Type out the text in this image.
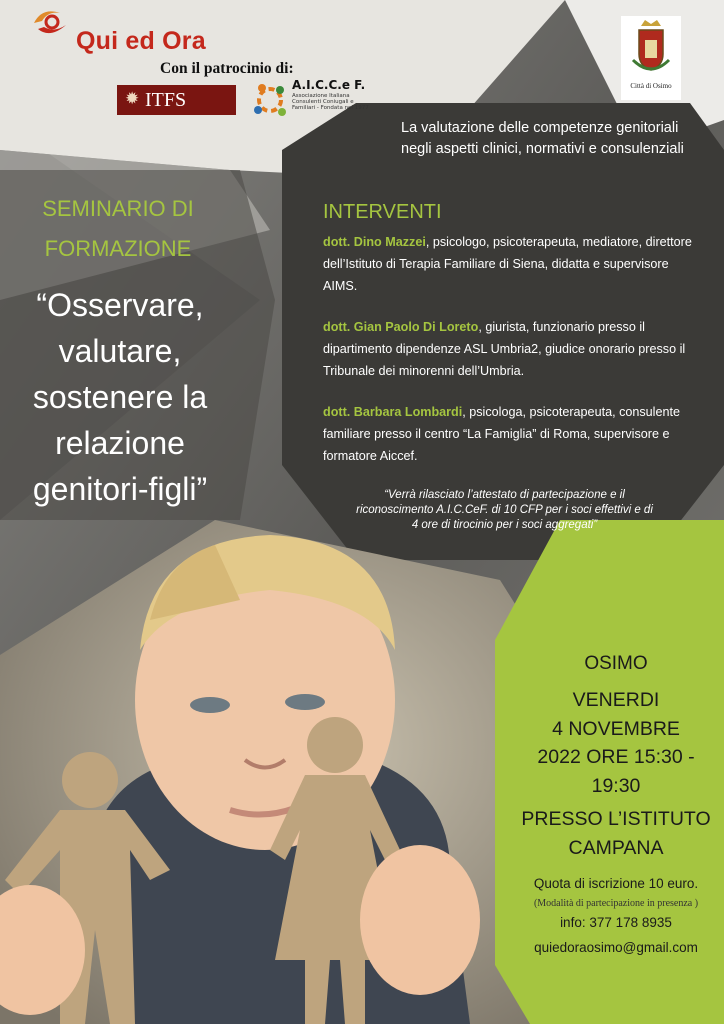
Qui ed Ora
Con il patrocinio di:
✹ ITFS
A.I.C.C.e F.
Associazione Italiana Consulenti Coniugali e Familiari - Fondata nel 1977
Città di Osimo
La valutazione delle competenze genitoriali negli aspetti clinici, normativi e consulenziali
SEMINARIO DI
FORMAZIONE
“Osservare,
valutare,
sostenere la
relazione
genitori-figli”
INTERVENTI
dott. Dino Mazzei, psicologo, psicoterapeuta, mediatore, direttore dell’Istituto di Terapia Familiare di Siena, didatta e supervisore AIMS.
dott. Gian Paolo Di Loreto, giurista, funzionario presso il dipartimento dipendenze ASL Umbria2, giudice onorario presso il Tribunale dei minorenni dell’Umbria.
dott. Barbara Lombardi, psicologa, psicoterapeuta, consulente familiare presso il centro “La Famiglia” di Roma, supervisore e formatore Aiccef.
“Verrà rilasciato l’attestato di partecipazione e il riconoscimento A.I.C.CeF. di 10 CFP per i soci effettivi e di 4 ore di tirocinio per i soci aggregati”
OSIMO
VENERDI
4 NOVEMBRE
2022 ORE 15:30 -
19:30
PRESSO L’ISTITUTO
CAMPANA
Quota di iscrizione 10 euro.
(Modalità di partecipazione in presenza )
info: 377 178 8935
quiedoraosimo@gmail.com
